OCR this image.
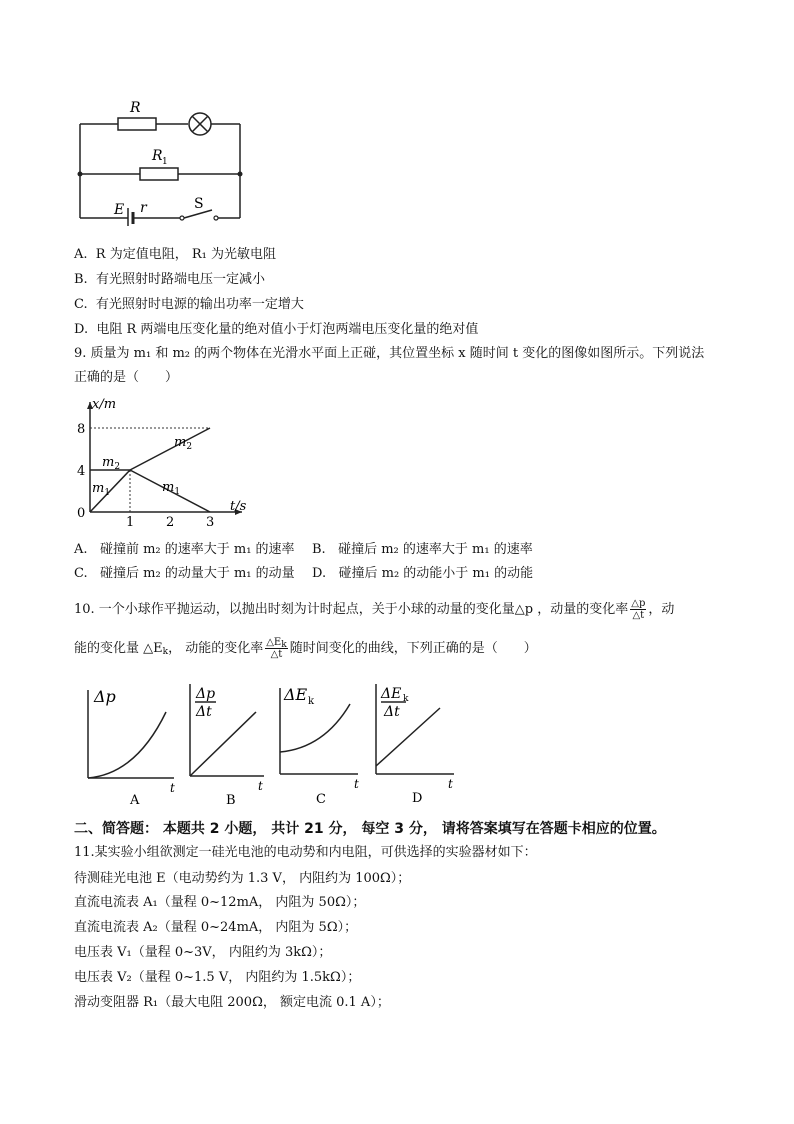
R
R 1
E r	S
A. R 为定值电阻， R₁ 为光敏电阻
B. 有光照射时路端电压一定减小
C. 有光照射时电源的输出功率一定增大
D. 电阻 R 两端电压变化量的绝对值小于灯泡两端电压变化量的绝对值
9. 质量为 m₁ 和 m₂ 的两个物体在光滑水平面上正碰，其位置坐标 x 随时间 t 变化的图像如图所示。下列说法
正确的是（　　）
1 2 3
0
4
8
x/m
t/s
$m_2$
$m_1$
$m_2$
$m_1$
A. 碰撞前 m₂ 的速率大于 m₁ 的速率 B. 碰撞后 m₂ 的速率大于 m₁ 的速率
C. 碰撞后 m₂ 的动量大于 m₁ 的动量 D. 碰撞后 m₂ 的动能小于 m₁ 的动能
10. 一个小球作平抛运动，以抛出时刻为计时起点，关于小球的动量的变化量△p ，动量的变化率 $\frac{\triangle p}{\triangle t}$ ，动
能的变化量 $\triangle E_k$， 动能的变化率 $\frac{\triangle E_k}{\triangle t}$ 随时间变化的曲线，下列正确的是（　　）
Δp
t
A
Δp
Δt
t
B
ΔE k
t
C
ΔE k
Δt
t
D
二、简答题： 本题共 2 小题， 共计 21 分， 每空 3 分， 请将答案填写在答题卡相应的位置。
11.某实验小组欲测定一硅光电池的电动势和内电阻，可供选择的实验器材如下：
待测硅光电池 E（电动势约为 1.3 V， 内阻约为 100Ω）；
直流电流表 A₁（量程 0~12mA， 内阻为 50Ω）；
直流电流表 A₂（量程 0~24mA， 内阻为 5Ω）；
电压表 V₁（量程 0~3V， 内阻约为 3kΩ）；
电压表 V₂（量程 0~1.5 V， 内阻约为 1.5kΩ）；
滑动变阻器 R₁（最大电阻 200Ω， 额定电流 0.1 A）；
